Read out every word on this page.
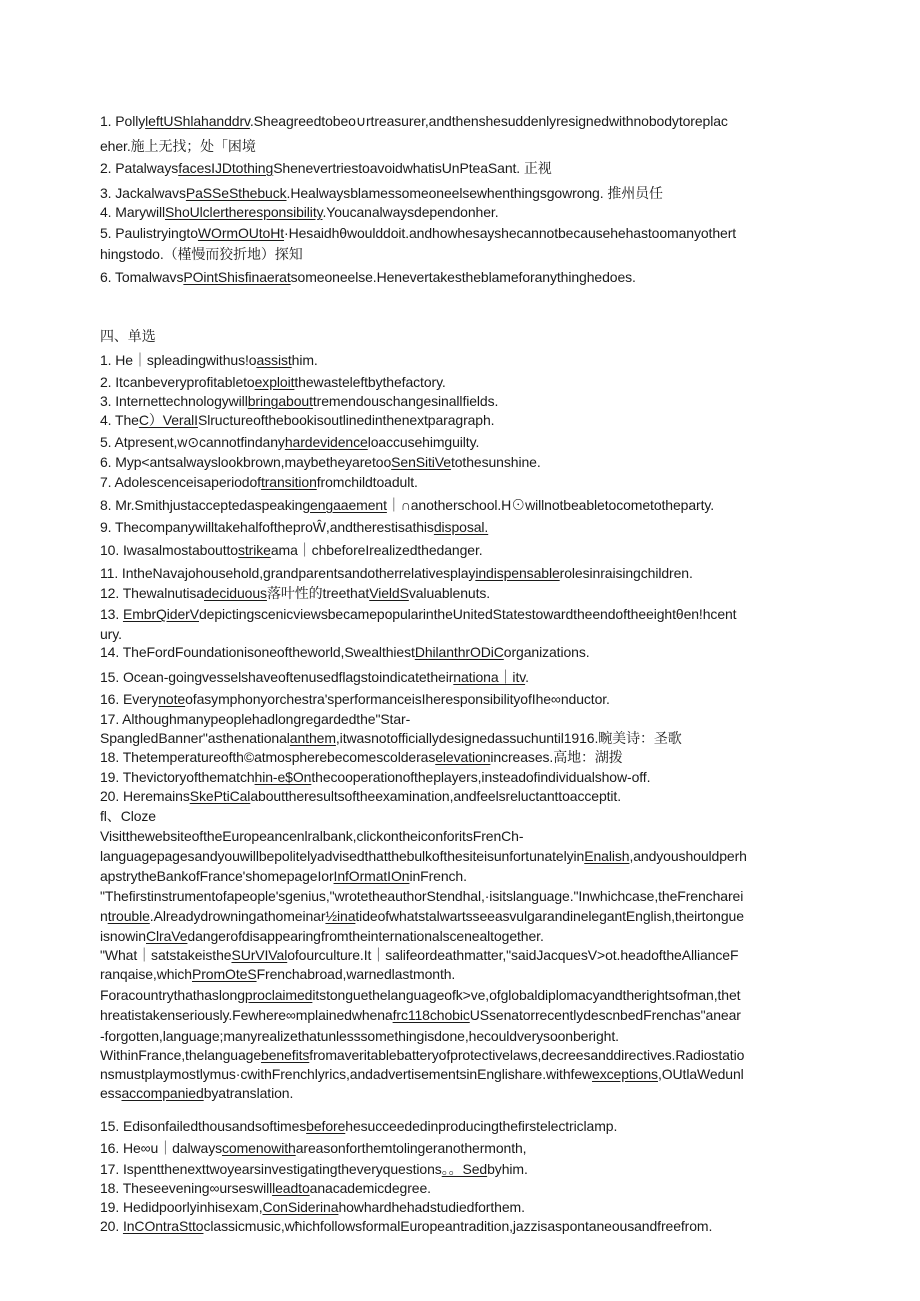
1. PollyleftUShlahanddrv.Sheagreedtobeo∪rtreasurer,andthenshesuddenlyresignedwithnobodytoreplac
eher.施上无找；处「困境
2. PatalwaysfacesIJDtothingShenevertriestoavoidwhatisUnPteaSant. 正视
3. JackalwavsPaSSeSthebuck.Healwaysblamessomeoneelsewhenthingsgowrong. 推州员任
4. MarywillShoUlclertheresponsibility.Youcanalwaysdependonher.
5. PaulistryingtoWOrmOUtoHt·Hesaidhθwoulddoit.andhowhesayshecannotbecausehehastoomanyothert
hingstodo.（槿慢而狡折地）探知
6. TomalwavsPOintShisfinaeratsomeoneelse.Henevertakestheblameforanythinghedoes.
四、单选
1. He｜spleadingwithus!oassisthim.
2. Itcanbeveryprofitabletoexploitthewasteleftbythefactory.
3. Internettechnologywillbringabouttremendouschangesinallfields.
4. TheC）VeralISlructureofthebookisoutlinedinthenextparagraph.
5. Atpresent,w⊙cannotfindanyhardevidenceloaccusehimguilty.
6. Myp<antsalwayslookbrown,maybetheyaretooSenSitiVetothesunshine.
7. Adolescenceisaperiodoftransitionfromchildtoadult.
8. Mr.Smithjustacceptedaspeakingengaaement｜∩anotherschool.H⊙willnotbeabletocometotheparty.
9. ThecompanywilltakehalfoftheproŴ,andtherestisathisdisposal.
10. Iwasalmostabouttоstrikeama｜chbeforeIrealizedthedanger.
11. IntheNavajohousehold,grandparentsandotherrelativesplayindispensablerolesinraisingchildren.
12. Thewalnutisadeciduous落叶性的treethatVieldSvaluablenuts.
13. EmbrQiderVdepictingscenicviewsbecamepopularintheUnitedStatestowardtheendoftheeightθen!hcent
ury.
14. TheFordFoundationisoneoftheworld,SwealthiestDhilanthrODiCorganizations.
15. Ocean-goingvesselshaveoftenusedflagstoindicatetheirnationa｜itv.
16. Everynoteofasymphonyorchestra'sperformanceisIheresponsibilityofIhe∞nductor.
17. Althoughmanypeoplehadlongregardedthe"Star-
SpangledBanner"asthenationalanthem,itwasnotofficiallydesignedassuchuntil1916.畹美诗：圣歌
18. Thetemperatureofth©atmospherebecomescolderaselevationincreases.高地：湖拨
19. Thevictoryofthematchhin-e$Onthecooperationoftheplayers,insteadofindividualshow-off.
20. HeremainsSkePtiCalabouttheresultsoftheexamination,andfeelsreluctanttoacceptit.
fl、Cloze
VisitthewebsiteoftheEuropeancenlralbank,clickontheiconforitsFrenCh-
languagepagesandyouwillbepolitelyadvisedthatthebulkofthesiteisunfortunatelyinEnalish,andyoushouldperh
apstrytheBankofFrance'shomepageIorInfOrmatIOninFrench.
"Thefirstinstrumentofapeople'sgenius,"wrotetheauthorStendhal,·isitslanguage."Inwhichcase,theFrencharei
ntrouble.Alreadydrowningathomeinar½inatideofwhatstalwartsseeasvulgarandinelegantEnglish,theirtongue
isnowinClraVedangerofdisappearingfromtheinternationalscenealtogether.
"What｜satstakeistheSUrVIValofourculture.It｜salifeordeathmatter,"saidJacquesV>ot.headoftheAllianceF
ranqaise,whichPromOteSFrenchabroad,warnedlastmonth.
Foracountrythathaslongproclaimeditstonguethelanguageofk>ve,ofglobaldiplomacyandtherightsofman,thet
hreatistakenseriously.Fewhere∞mplainedwhenafrc118chobicUSsenatorrecentlydescnbedFrenchas"anear
-forgotten,language;manyrealizethatunlesssomethingisdone,hecouldverysoonberight.
WithinFrance,thelanguagebenefitsfromaveritablebatteryofprotectivelaws,decreesanddirectives.Radiostatio
nsmustplaymostlymus·cwithFrenchlyrics,andadvertisementsinEnglishare.withfewexceptions,OUtlaWedunl
essaccompaniedbyatranslation.
15. Edisonfailedthousandsoftimesbeforehesucceededinproducingthefirstelectriclamp.
16. He∞u｜dalwayscomenowithareasonforthemtolingeranothermonth,
17. Ispentthenexttwoyearsinvestigatingtheveryquestions。。Sedbyhim.
18. Theseevening∞urseswillleadtoanacademicdegree.
19. Hedidpoorlyinhisexam,ConSiderinahowhardhehadstudiedforthem.
20. InCOntraSttoclassicmusic,wħichfollowsformalEuropeantradition,jazzisaspontaneousandfreefrom.
